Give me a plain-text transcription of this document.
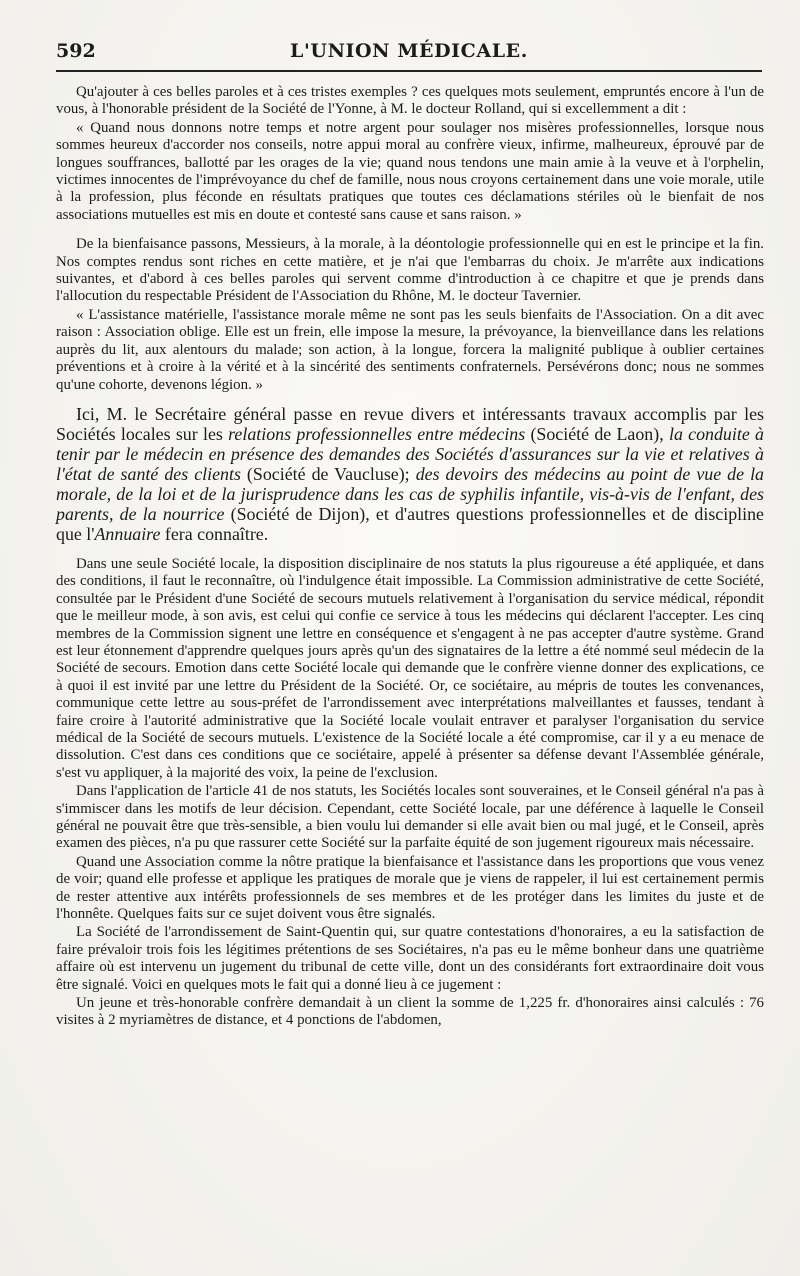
592	L'UNION MÉDICALE.

Qu'ajouter à ces belles paroles et à ces tristes exemples ? ces quelques mots seulement, empruntés encore à l'un de vous, à l'honorable président de la Société de l'Yonne, à M. le docteur Rolland, qui si excellemment a dit :

« Quand nous donnons notre temps et notre argent pour soulager nos misères professionnelles, lorsque nous sommes heureux d'accorder nos conseils, notre appui moral au confrère vieux, infirme, malheureux, éprouvé par de longues souffrances, ballotté par les orages de la vie; quand nous tendons une main amie à la veuve et à l'orphelin, victimes innocentes de l'imprévoyance du chef de famille, nous nous croyons certainement dans une voie morale, utile à la profession, plus féconde en résultats pratiques que toutes ces déclamations stériles où le bienfait de nos associations mutuelles est mis en doute et contesté sans cause et sans raison. »

De la bienfaisance passons, Messieurs, à la morale, à la déontologie professionnelle qui en est le principe et la fin. Nos comptes rendus sont riches en cette matière, et je n'ai que l'embarras du choix. Je m'arrête aux indications suivantes, et d'abord à ces belles paroles qui servent comme d'introduction à ce chapitre et que je prends dans l'allocution du respectable Président de l'Association du Rhône, M. le docteur Tavernier.

« L'assistance matérielle, l'assistance morale même ne sont pas les seuls bienfaits de l'Association. On a dit avec raison : Association oblige. Elle est un frein, elle impose la mesure, la prévoyance, la bienveillance dans les relations auprès du lit, aux alentours du malade; son action, à la longue, forcera la malignité publique à oublier certaines préventions et à croire à la vérité et à la sincérité des sentiments confraternels. Persévérons donc; nous ne sommes qu'une cohorte, devenons légion. »

Ici, M. le Secrétaire général passe en revue divers et intéressants travaux accomplis par les Sociétés locales sur les relations professionnelles entre médecins (Société de Laon), la conduite à tenir par le médecin en présence des demandes des Sociétés d'assurances sur la vie et relatives à l'état de santé des clients (Société de Vaucluse); des devoirs des médecins au point de vue de la morale, de la loi et de la jurisprudence dans les cas de syphilis infantile, vis-à-vis de l'enfant, des parents, de la nourrice (Société de Dijon), et d'autres questions professionnelles et de discipline que l'Annuaire fera connaître.

Dans une seule Société locale, la disposition disciplinaire de nos statuts la plus rigoureuse a été appliquée, et dans des conditions, il faut le reconnaître, où l'indulgence était impossible. La Commission administrative de cette Société, consultée par le Président d'une Société de secours mutuels relativement à l'organisation du service médical, répondit que le meilleur mode, à son avis, est celui qui confie ce service à tous les médecins qui déclarent l'accepter. Les cinq membres de la Commission signent une lettre en conséquence et s'engagent à ne pas accepter d'autre système. Grand est leur étonnement d'apprendre quelques jours après qu'un des signataires de la lettre a été nommé seul médecin de la Société de secours. Emotion dans cette Société locale qui demande que le confrère vienne donner des explications, ce à quoi il est invité par une lettre du Président de la Société. Or, ce sociétaire, au mépris de toutes les convenances, communique cette lettre au sous-préfet de l'arrondissement avec interprétations malveillantes et fausses, tendant à faire croire à l'autorité administrative que la Société locale voulait entraver et paralyser l'organisation du service médical de la Société de secours mutuels. L'existence de la Société locale a été compromise, car il y a eu menace de dissolution. C'est dans ces conditions que ce sociétaire, appelé à présenter sa défense devant l'Assemblée générale, s'est vu appliquer, à la majorité des voix, la peine de l'exclusion.

Dans l'application de l'article 41 de nos statuts, les Sociétés locales sont souveraines, et le Conseil général n'a pas à s'immiscer dans les motifs de leur décision. Cependant, cette Société locale, par une déférence à laquelle le Conseil général ne pouvait être que très-sensible, a bien voulu lui demander si elle avait bien ou mal jugé, et le Conseil, après examen des pièces, n'a pu que rassurer cette Société sur la parfaite équité de son jugement rigoureux mais nécessaire.

Quand une Association comme la nôtre pratique la bienfaisance et l'assistance dans les proportions que vous venez de voir; quand elle professe et applique les pratiques de morale que je viens de rappeler, il lui est certainement permis de rester attentive aux intérêts professionnels de ses membres et de les protéger dans les limites du juste et de l'honnête. Quelques faits sur ce sujet doivent vous être signalés.

La Société de l'arrondissement de Saint-Quentin qui, sur quatre contestations d'honoraires, a eu la satisfaction de faire prévaloir trois fois les légitimes prétentions de ses Sociétaires, n'a pas eu le même bonheur dans une quatrième affaire où est intervenu un jugement du tribunal de cette ville, dont un des considérants fort extraordinaire doit vous être signalé. Voici en quelques mots le fait qui a donné lieu à ce jugement :

Un jeune et très-honorable confrère demandait à un client la somme de 1,225 fr. d'honoraires ainsi calculés : 76 visites à 2 myriamètres de distance, et 4 ponctions de l'abdomen,
